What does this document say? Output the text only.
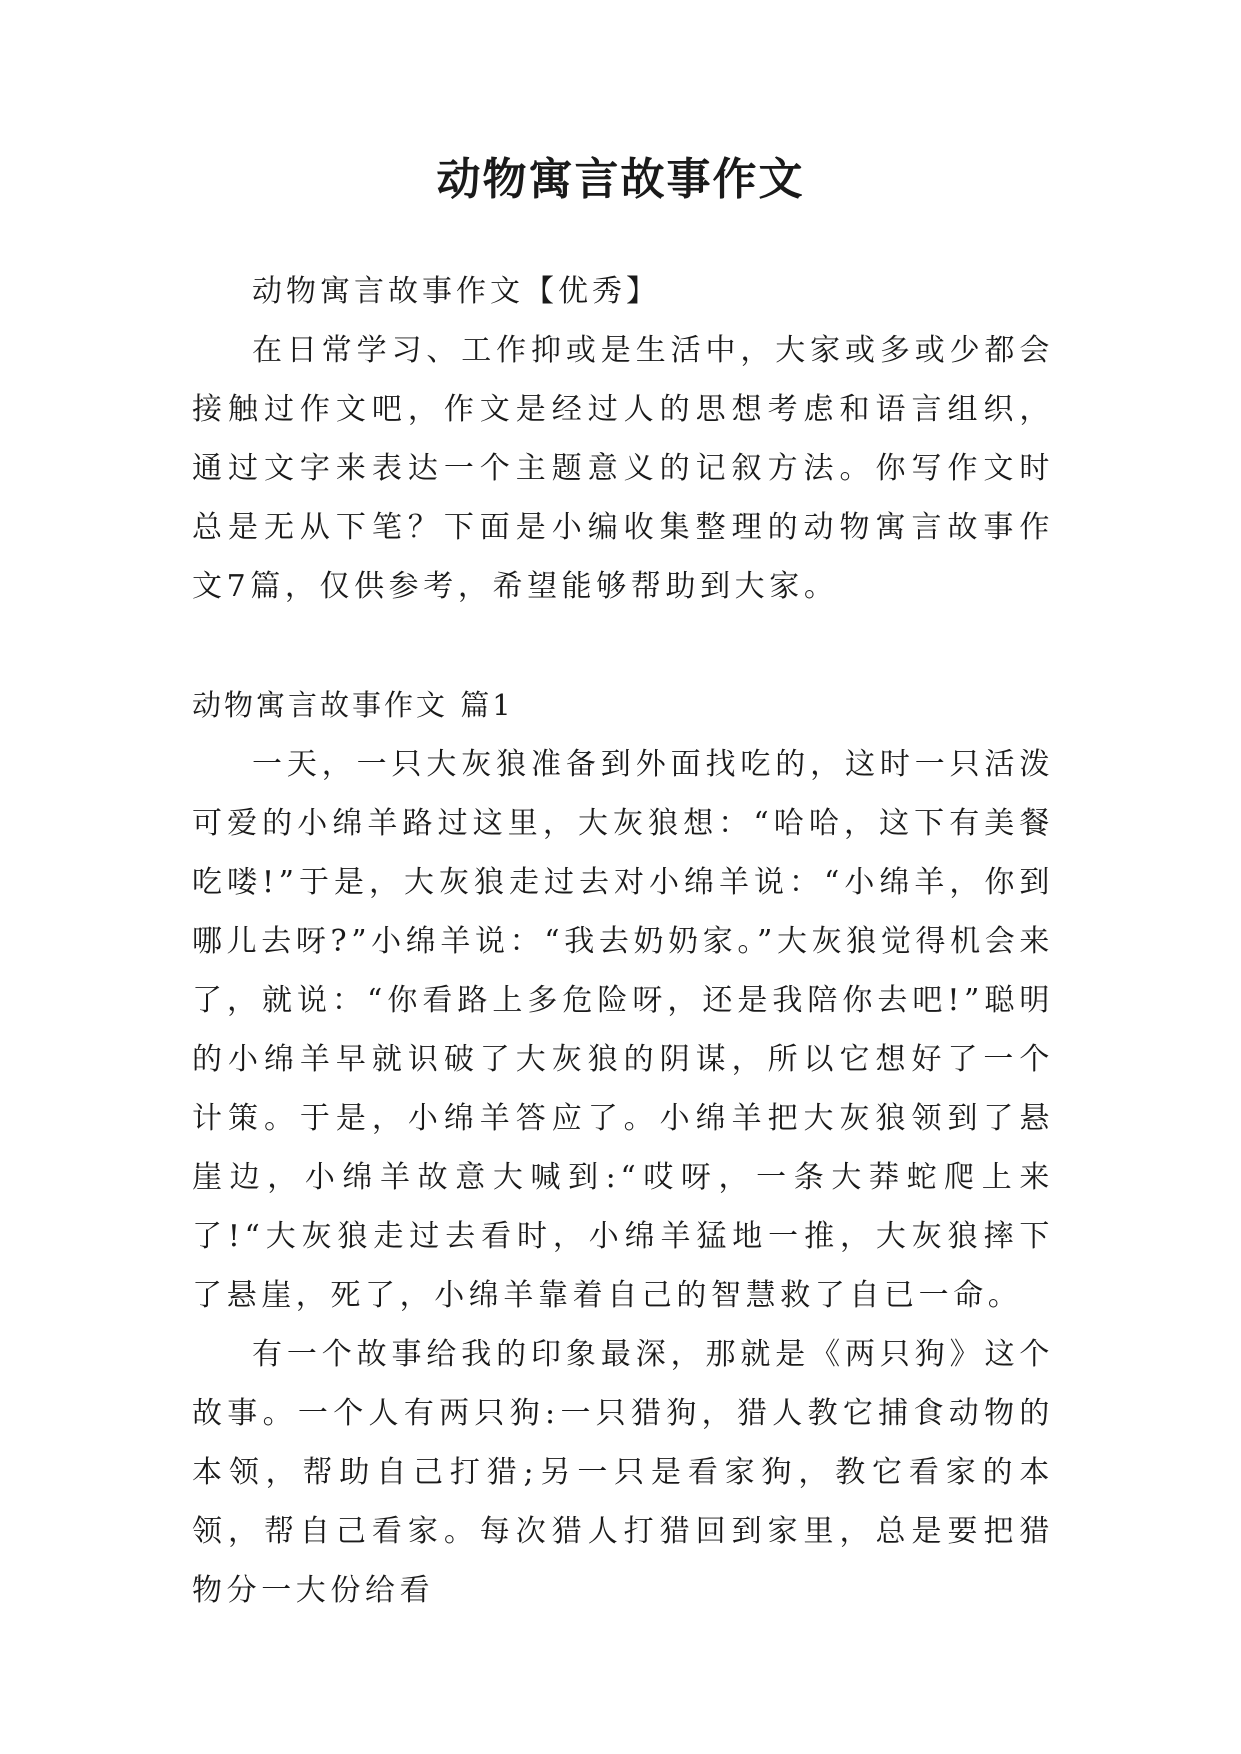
动物寓言故事作文

动物寓言故事作文【优秀】

在日常学习、工作抑或是生活中，大家或多或少都会接触过作文吧，作文是经过人的思想考虑和语言组织，通过文字来表达一个主题意义的记叙方法。你写作文时总是无从下笔？下面是小编收集整理的动物寓言故事作文7篇，仅供参考，希望能够帮助到大家。

动物寓言故事作文 篇1

一天，一只大灰狼准备到外面找吃的，这时一只活泼可爱的小绵羊路过这里，大灰狼想：“哈哈，这下有美餐吃喽!”于是，大灰狼走过去对小绵羊说：“小绵羊，你到哪儿去呀?”小绵羊说：“我去奶奶家。”大灰狼觉得机会来了，就说：“你看路上多危险呀，还是我陪你去吧!”聪明的小绵羊早就识破了大灰狼的阴谋，所以它想好了一个计策。于是，小绵羊答应了。小绵羊把大灰狼领到了悬崖边，小绵羊故意大喊到:“哎呀，一条大莽蛇爬上来了!“大灰狼走过去看时，小绵羊猛地一推，大灰狼摔下了悬崖，死了，小绵羊靠着自己的智慧救了自已一命。

有一个故事给我的印象最深，那就是《两只狗》这个故事。一个人有两只狗:一只猎狗，猎人教它捕食动物的本领，帮助自己打猎;另一只是看家狗，教它看家的本领，帮自己看家。每次猎人打猎回到家里，总是要把猎物分一大份给看
